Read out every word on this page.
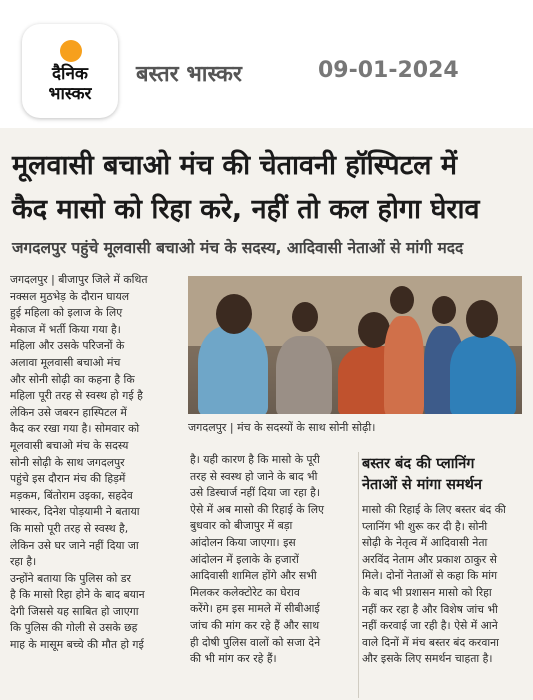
दैनिक
भास्कर
बस्तर भास्कर	09-01-2024
मूलवासी बचाओ मंच की चेतावनी हॉस्पिटल में
कैद मासो को रिहा करे, नहीं तो कल होगा घेराव
जगदलपुर पहुंचे मूलवासी बचाओ मंच के सदस्य, आदिवासी नेताओं से मांगी मदद
जगदलपुर | मंच के सदस्यों के साथ सोनी सोढ़ी।

जगदलपुर | बीजापुर जिले में कथित

नक्सल मुठभेड़ के दौरान घायल

हुई महिला को इलाज के लिए

मेकाज में भर्ती किया गया है।

महिला और उसके परिजनों के

अलावा मूलवासी बचाओ मंच

और सोनी सोढ़ी का कहना है कि

महिला पूरी तरह से स्वस्थ हो गई है

लेकिन उसे जबरन हास्पिटल में

कैद कर रखा गया है। सोमवार को

मूलवासी बचाओ मंच के सदस्य

सोनी सोढ़ी के साथ जगदलपुर

पहुंचे इस दौरान मंच की हिड़में

मड़कम, बिंतोराम उइका, सहदेव

भास्कर, दिनेश पोड़यामी ने बताया

कि मासो पूरी तरह से स्वस्थ है,

लेकिन उसे घर जाने नहीं दिया जा

रहा है।

उन्होंने बताया कि पुलिस को डर

है कि मासो रिहा होने के बाद बयान

देगी जिससे यह साबित हो जाएगा

कि पुलिस की गोली से उसके छह

माह के मासूम बच्चे की मौत हो गई

है। यही कारण है कि मासो के पूरी

तरह से स्वस्थ हो जाने के बाद भी

उसे डिस्चार्ज नहीं दिया जा रहा है।

ऐसे में अब मासो की रिहाई के लिए

बुधवार को बीजापुर में बड़ा

आंदोलन किया जाएगा। इस

आंदोलन में इलाके के हजारों

आदिवासी शामिल होंगे और सभी

मिलकर कलेक्टोरेट का घेराव

करेंगे। हम इस मामले में सीबीआई

जांच की मांग कर रहे हैं और साथ

ही दोषी पुलिस वालों को सजा देने

की भी मांग कर रहे हैं।

बस्तर बंद की प्लानिंग
नेताओं से मांगा समर्थन

मासो की रिहाई के लिए बस्तर बंद की

प्लानिंग भी शुरू कर दी है। सोनी

सोढ़ी के नेतृत्व में आदिवासी नेता

अरविंद नेताम और प्रकाश ठाकुर से

मिले। दोनों नेताओं से कहा कि मांग

के बाद भी प्रशासन मासो को रिहा

नहीं कर रहा है और विशेष जांच भी

नहीं करवाई जा रही है। ऐसे में आने

वाले दिनों में मंच बस्तर बंद करवाना

और इसके लिए समर्थन चाहता है।
